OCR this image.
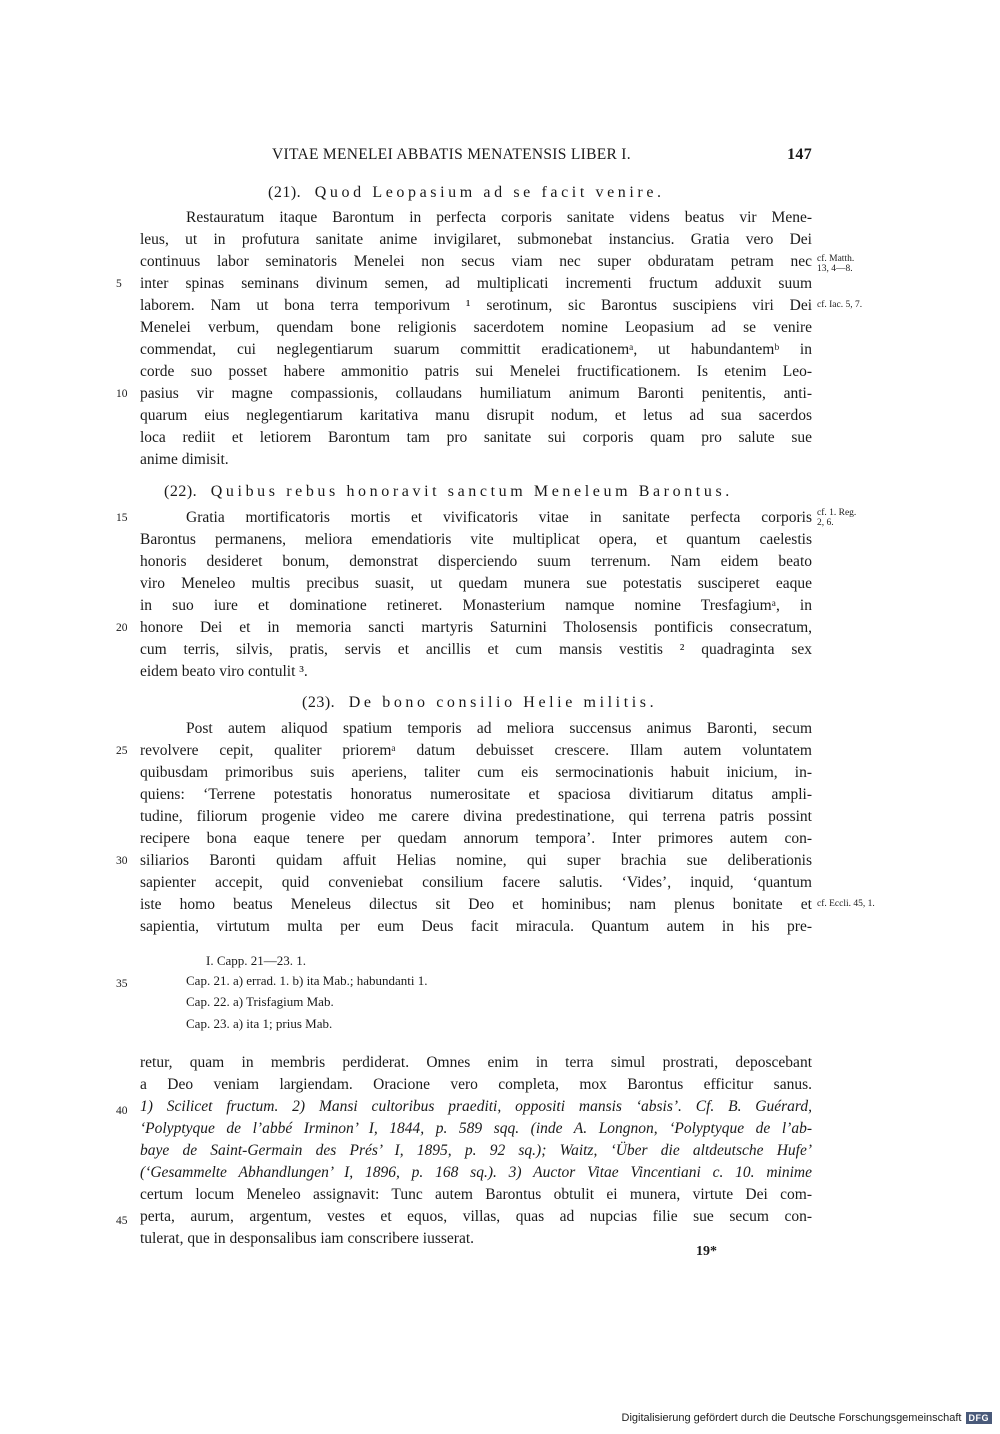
VITAE MENELEI ABBATIS MENATENSIS LIBER I.	147
(21). Quod Leopasium ad se facit venire.
Restauratum itaque Barontum in perfecta corporis sanitate videns beatus vir Mene-
leus, ut in profutura sanitate anime invigilaret, submonebat instancius. Gratia vero Dei
continuus labor seminatoris Menelei non secus viam nec super obduratam petram nec
inter spinas seminans divinum semen, ad multiplicati incrementi fructum adduxit suum
laborem. Nam ut bona terra temporivum ¹ serotinum, sic Barontus suscipiens viri Dei
Menelei verbum, quendam bone religionis sacerdotem nomine Leopasium ad se venire
commendat, cui neglegentiarum suarum committit eradicationemᵃ, ut habundantemᵇ in
corde suo posset habere ammonitio patris sui Menelei fructificationem. Is etenim Leo-
pasius vir magne compassionis, collaudans humiliatum animum Baronti penitentis, anti-
quarum eius neglegentiarum karitativa manu disrupit nodum, et letus ad sua sacerdos
loca rediit et letiorem Barontum tam pro sanitate sui corporis quam pro salute sue
anime dimisit.
(22). Quibus rebus honoravit sanctum Meneleum Barontus.
Gratia mortificatoris mortis et vivificatoris vitae in sanitate perfecta corporis
Barontus permanens, meliora emendatioris vite multiplicat opera, et quantum caelestis
honoris desideret bonum, demonstrat disperciendo suum terrenum. Nam eidem beato
viro Meneleo multis precibus suasit, ut quedam munera sue potestatis susciperet eaque
in suo iure et dominatione retineret. Monasterium namque nomine Tresfagiumᵃ, in
honore Dei et in memoria sancti martyris Saturnini Tholosensis pontificis consecratum,
cum terris, silvis, pratis, servis et ancillis et cum mansis vestitis ² quadraginta sex
eidem beato viro contulit ³.
(23). De bono consilio Helie militis.
Post autem aliquod spatium temporis ad meliora succensus animus Baronti, secum
revolvere cepit, qualiter prioremᵃ datum debuisset crescere. Illam autem voluntatem
quibusdam primoribus suis aperiens, taliter cum eis sermocinationis habuit inicium, in-
quiens: ‘Terrene potestatis honoratus numerositate et spaciosa divitiarum ditatus ampli-
tudine, filiorum progenie video me carere divina predestinatione, qui terrena patris possint
recipere bona eaque tenere per quedam annorum tempora’. Inter primores autem con-
siliarios Baronti quidam affuit Helias nomine, qui super brachia sue deliberationis
sapienter accepit, quid conveniebat consilium facere salutis. ‘Vides’, inquid, ‘quantum
iste homo beatus Meneleus dilectus sit Deo et hominibus; nam plenus bonitate et
sapientia, virtutum multa per eum Deus facit miracula. Quantum autem in his pre-
5
10
15
20
25
30
35
40
45
cf. Matth.
13, 4—8.
cf. Iac. 5, 7.
cf. 1. Reg.
2, 6.
cf. Eccli. 45, 1.
I. Capp. 21—23. 1.
Cap. 21. a) errad. 1. b) ita Mab.; habundanti 1.
Cap. 22. a) Trisfagium Mab.
Cap. 23. a) ita 1; prius Mab.
retur, quam in membris perdiderat. Omnes enim in terra simul prostrati, deposcebant
a Deo veniam largiendam. Oracione vero completa, mox Barontus efficitur sanus.
1) Scilicet fructum. 2) Mansi cultoribus praediti, oppositi mansis ‘absis’. Cf. B. Guérard,
‘Polyptyque de l’abbé Irminon’ I, 1844, p. 589 sqq. (inde A. Longnon, ‘Polyptyque de l’ab-
baye de Saint-Germain des Prés’ I, 1895, p. 92 sq.); Waitz, ‘Über die altdeutsche Hufe’
(‘Gesammelte Abhandlungen’ I, 1896, p. 168 sq.). 3) Auctor Vitae Vincentiani c. 10. minime
certum locum Meneleo assignavit: Tunc autem Barontus obtulit ei munera, virtute Dei com-
perta, aurum, argentum, vestes et equos, villas, quas ad nupcias filie sue secum con-
tulerat, que in desponsalibus iam conscribere iusserat.
19*
Digitalisierung gefördert durch die Deutsche Forschungsgemeinschaft DFG
